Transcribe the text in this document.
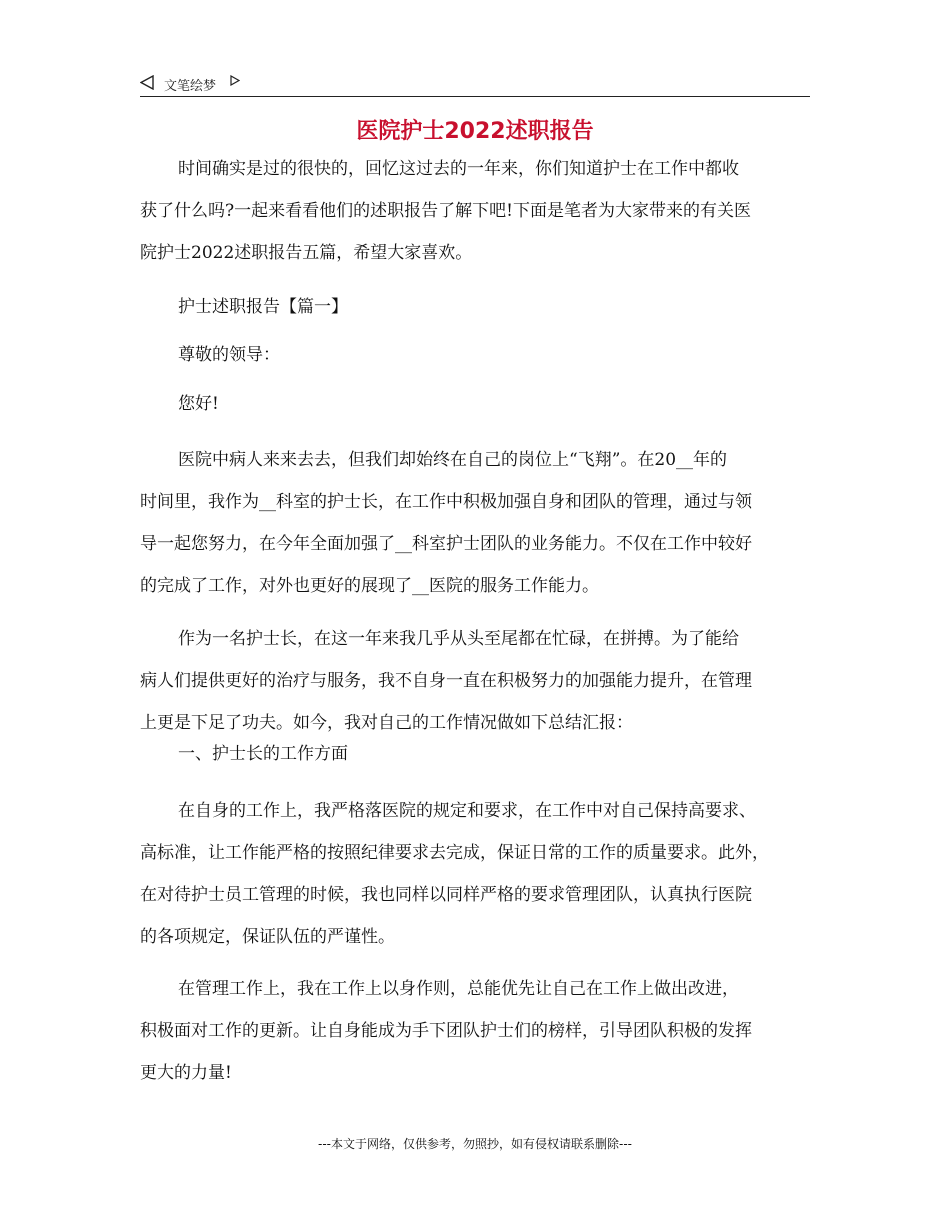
文笔绘梦
医院护士2022述职报告
时间确实是过的很快的，回忆这过去的一年来，你们知道护士在工作中都收
获了什么吗?一起来看看他们的述职报告了解下吧!下面是笔者为大家带来的有关医
院护士2022述职报告五篇，希望大家喜欢。
护士述职报告【篇一】
尊敬的领导：
您好!
医院中病人来来去去，但我们却始终在自己的岗位上“飞翔”。在20__年的
时间里，我作为__科室的护士长，在工作中积极加强自身和团队的管理，通过与领
导一起您努力，在今年全面加强了__科室护士团队的业务能力。不仅在工作中较好
的完成了工作，对外也更好的展现了__医院的服务工作能力。
作为一名护士长，在这一年来我几乎从头至尾都在忙碌，在拼搏。为了能给
病人们提供更好的治疗与服务，我不自身一直在积极努力的加强能力提升，在管理
上更是下足了功夫。如今，我对自己的工作情况做如下总结汇报：
一、护士长的工作方面
在自身的工作上，我严格落医院的规定和要求，在工作中对自己保持高要求、
高标准，让工作能严格的按照纪律要求去完成，保证日常的工作的质量要求。此外，
在对待护士员工管理的时候，我也同样以同样严格的要求管理团队，认真执行医院
的各项规定，保证队伍的严谨性。
在管理工作上，我在工作上以身作则，总能优先让自己在工作上做出改进，
积极面对工作的更新。让自身能成为手下团队护士们的榜样，引导团队积极的发挥
更大的力量!
---本文于网络，仅供参考，勿照抄，如有侵权请联系删除---
